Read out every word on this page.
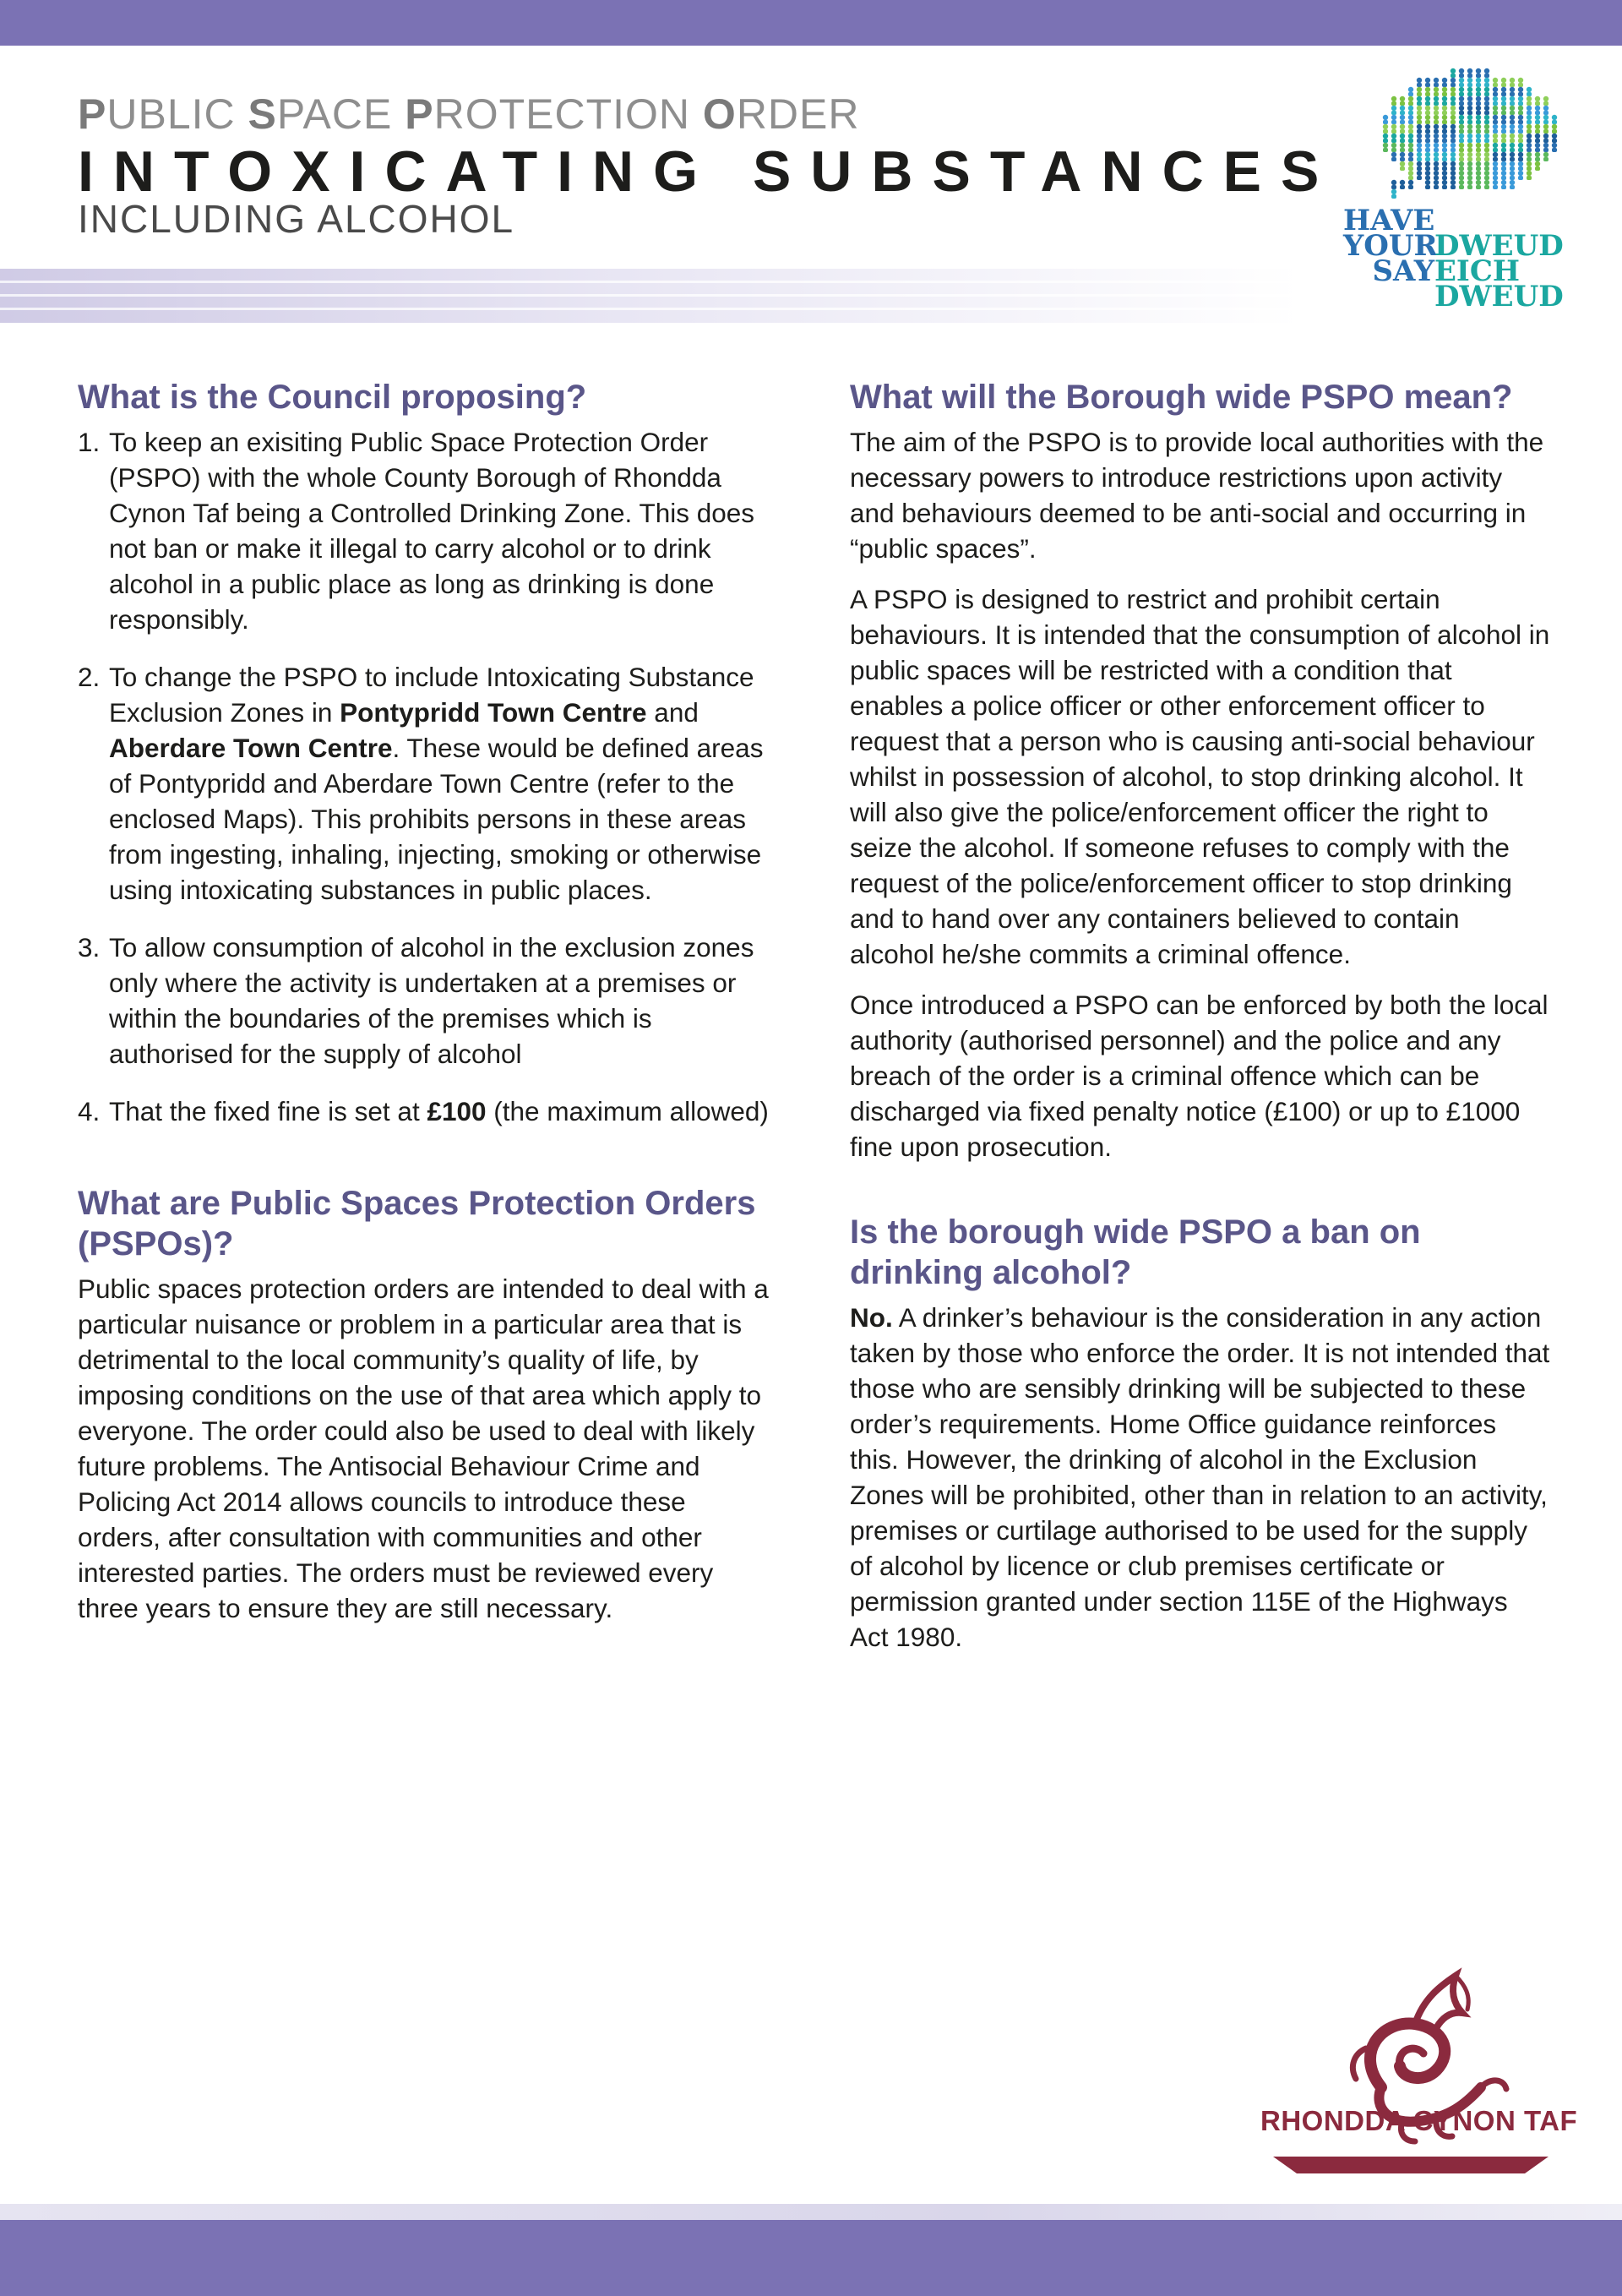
PUBLIC SPACE PROTECTION ORDER
INTOXICATING SUBSTANCES
INCLUDING ALCOHOL	HAVE
YOURDWEUD
SAYEICH
DWEUD
What is the Council proposing?
1. To keep an exisiting Public Space Protection Order (PSPO) with the whole County Borough of Rhondda Cynon Taf being a Controlled Drinking Zone. This does not ban or make it illegal to carry alcohol or to drink alcohol in a public place as long as drinking is done responsibly.
2. To change the PSPO to include Intoxicating Substance Exclusion Zones in Pontypridd Town Centre and Aberdare Town Centre. These would be defined areas of Pontypridd and Aberdare Town Centre (refer to the enclosed Maps). This prohibits persons in these areas from ingesting, inhaling, injecting, smoking or otherwise using intoxicating substances in public places.
3. To allow consumption of alcohol in the exclusion zones only where the activity is undertaken at a premises or within the boundaries of the premises which is authorised for the supply of alcohol
4. That the fixed fine is set at £100 (the maximum allowed)
What are Public Spaces Protection Orders (PSPOs)?

Public spaces protection orders are intended to deal with a particular nuisance or problem in a particular area that is detrimental to the local community’s quality of life, by imposing conditions on the use of that area which apply to everyone. The order could also be used to deal with likely future problems. The Antisocial Behaviour Crime and Policing Act 2014 allows councils to introduce these orders, after consultation with communities and other interested parties. The orders must be reviewed every three years to ensure they are still necessary.

What will the Borough wide PSPO mean?

The aim of the PSPO is to provide local authorities with the necessary powers to introduce restrictions upon activity and behaviours deemed to be anti-social and occurring in “public spaces”.

A PSPO is designed to restrict and prohibit certain behaviours. It is intended that the consumption of alcohol in public spaces will be restricted with a condition that enables a police officer or other enforcement officer to request that a person who is causing anti-social behaviour whilst in possession of alcohol, to stop drinking alcohol. It will also give the police/enforcement officer the right to seize the alcohol. If someone refuses to comply with the request of the police/enforcement officer to stop drinking and to hand over any containers believed to contain alcohol he/she commits a criminal offence.

Once introduced a PSPO can be enforced by both the local authority (authorised personnel) and the police and any breach of the order is a criminal offence which can be discharged via fixed penalty notice (£100) or up to £1000 fine upon prosecution.

Is the borough wide PSPO a ban on drinking alcohol?

No. A drinker’s behaviour is the consideration in any action taken by those who enforce the order. It is not intended that those who are sensibly drinking will be subjected to these order’s requirements. Home Office guidance reinforces this. However, the drinking of alcohol in the Exclusion Zones will be prohibited, other than in relation to an activity, premises or curtilage authorised to be used for the supply of alcohol by licence or club premises certificate or permission granted under section 115E of the Highways Act 1980.

RHONDDA CYNON TAF
